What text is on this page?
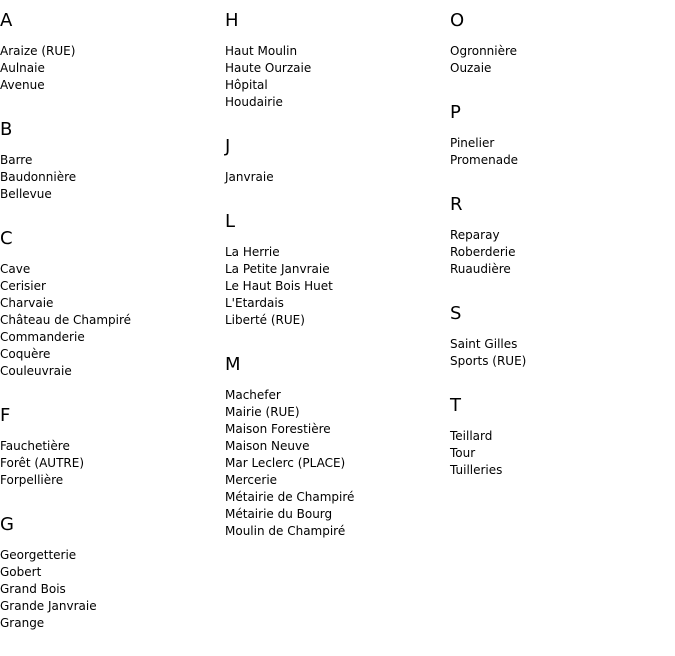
A
Araize (RUE)
Aulnaie
Avenue
B
Barre
Baudonnière
Bellevue
C
Cave
Cerisier
Charvaie
Château de Champiré
Commanderie
Coquère
Couleuvraie
F
Fauchetière
Forêt (AUTRE)
Forpellière
G
Georgetterie
Gobert
Grand Bois
Grande Janvraie
Grange
H
Haut Moulin
Haute Ourzaie
Hôpital
Houdairie
J
Janvraie
L
La Herrie
La Petite Janvraie
Le Haut Bois Huet
L'Etardais
Liberté (RUE)
M
Machefer
Mairie (RUE)
Maison Forestière
Maison Neuve
Mar Leclerc (PLACE)
Mercerie
Métairie de Champiré
Métairie du Bourg
Moulin de Champiré
O
Ogronnière
Ouzaie
P
Pinelier
Promenade
R
Reparay
Roberderie
Ruaudière
S
Saint Gilles
Sports (RUE)
T
Teillard
Tour
Tuilleries
